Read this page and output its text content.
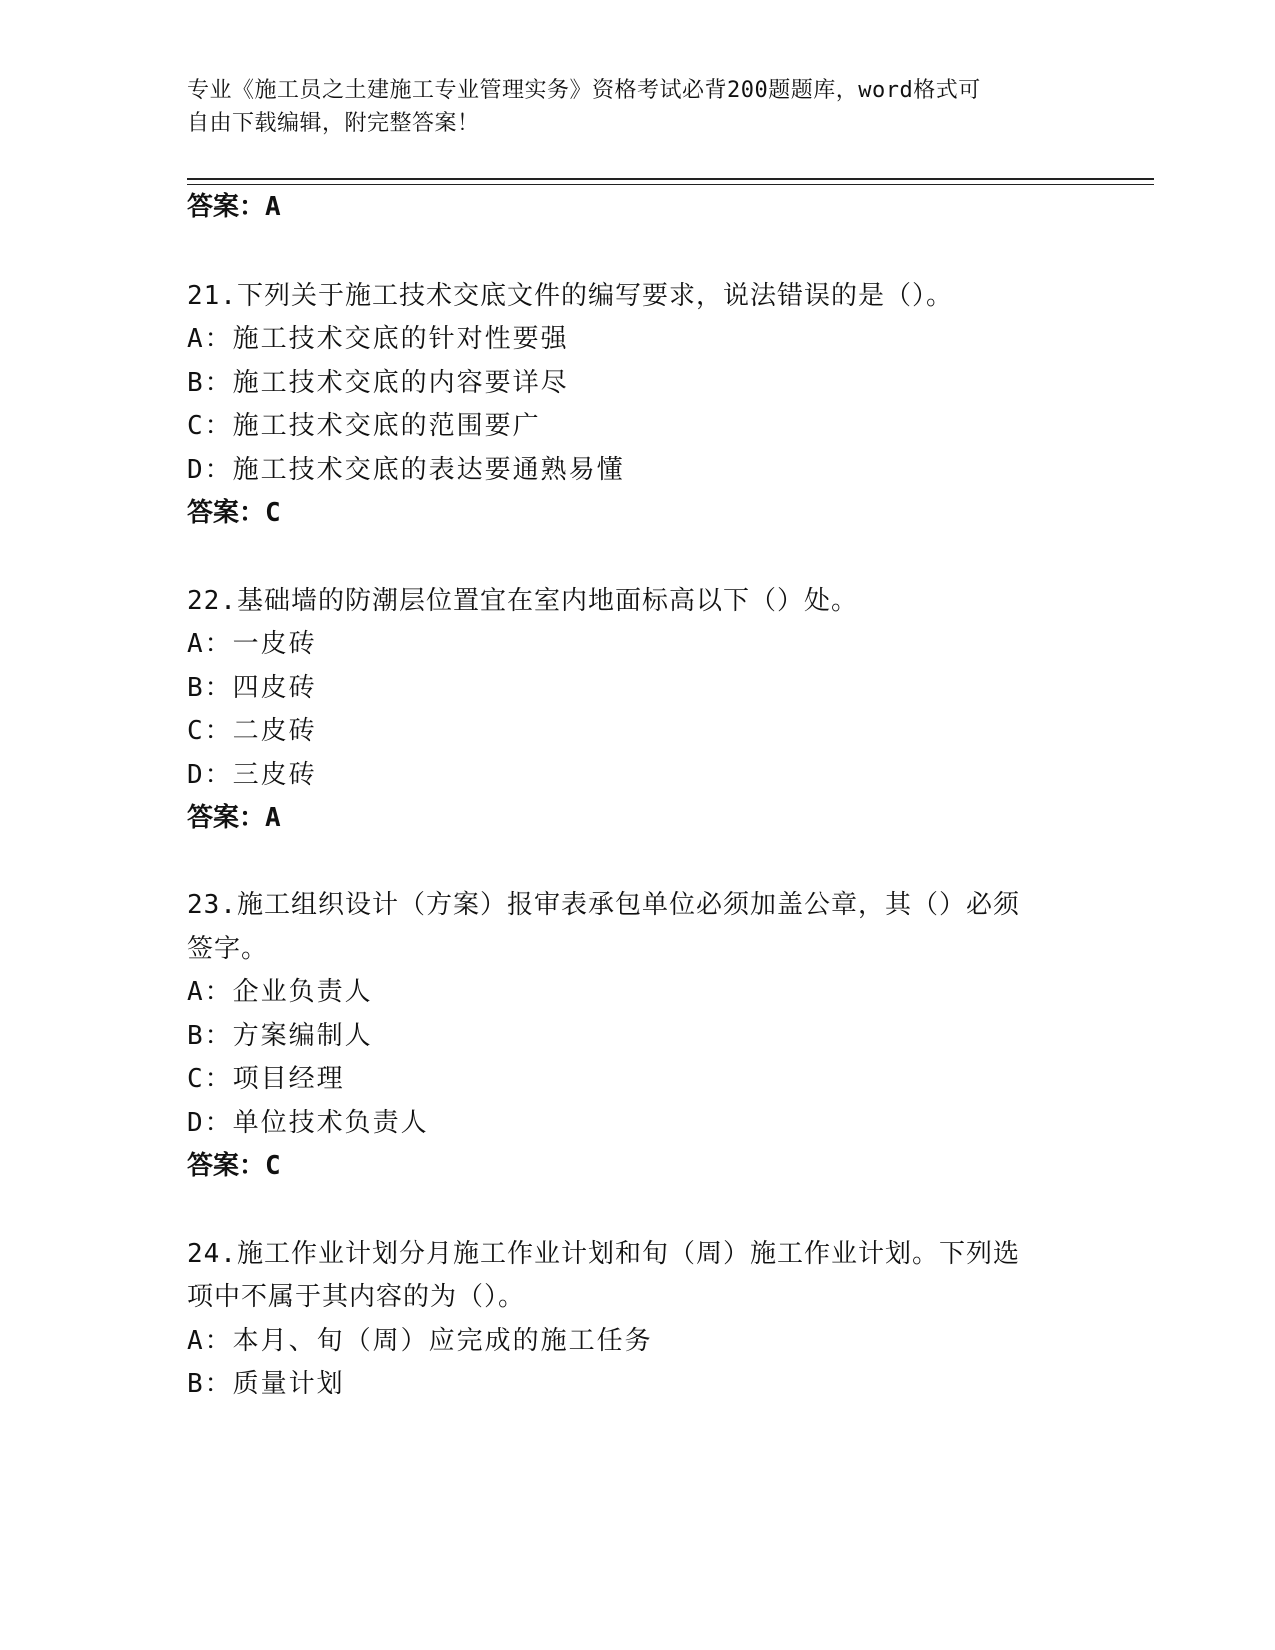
专业《施工员之土建施工专业管理实务》资格考试必背200题题库，word格式可
自由下载编辑，附完整答案！
答案：A
21.下列关于施工技术交底文件的编写要求，说法错误的是（）。
A：施工技术交底的针对性要强
B：施工技术交底的内容要详尽
C：施工技术交底的范围要广
D：施工技术交底的表达要通熟易懂
答案：C
22.基础墙的防潮层位置宜在室内地面标高以下（）处。
A：一皮砖
B：四皮砖
C：二皮砖
D：三皮砖
答案：A
23.施工组织设计（方案）报审表承包单位必须加盖公章，其（）必须
签字。
A：企业负责人
B：方案编制人
C：项目经理
D：单位技术负责人
答案：C
24.施工作业计划分月施工作业计划和旬（周）施工作业计划。下列选
项中不属于其内容的为（）。
A：本月、旬（周）应完成的施工任务
B：质量计划
